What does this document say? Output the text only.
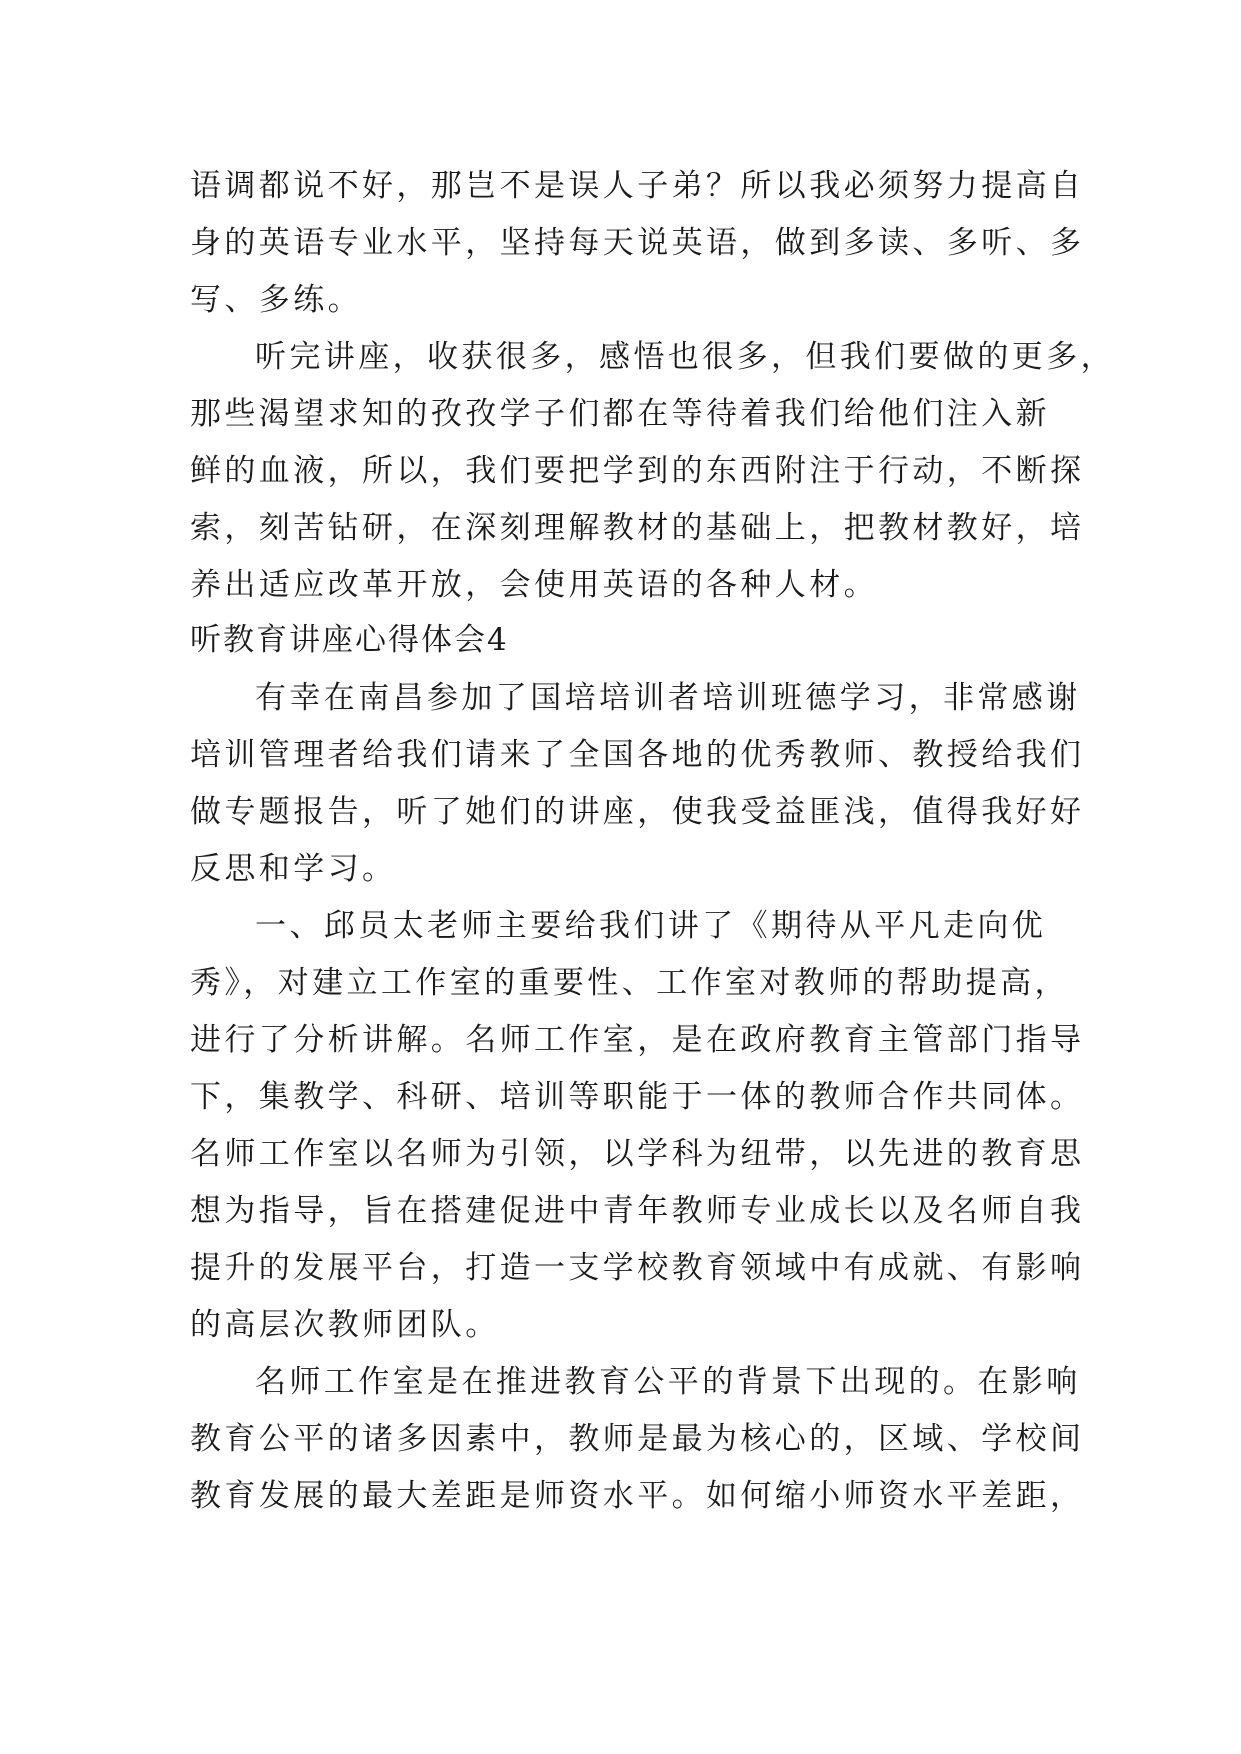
语调都说不好，那岂不是误人子弟？所以我必须努力提高自
身的英语专业水平，坚持每天说英语，做到多读、多听、多
写、多练。
听完讲座，收获很多，感悟也很多，但我们要做的更多，
那些渴望求知的孜孜学子们都在等待着我们给他们注入新
鲜的血液，所以，我们要把学到的东西附注于行动，不断探
索，刻苦钻研，在深刻理解教材的基础上，把教材教好，培
养出适应改革开放，会使用英语的各种人材。
听教育讲座心得体会4
有幸在南昌参加了国培培训者培训班德学习，非常感谢
培训管理者给我们请来了全国各地的优秀教师、教授给我们
做专题报告，听了她们的讲座，使我受益匪浅，值得我好好
反思和学习。
一、邱员太老师主要给我们讲了《期待从平凡走向优
秀》，对建立工作室的重要性、工作室对教师的帮助提高，
进行了分析讲解。名师工作室，是在政府教育主管部门指导
下，集教学、科研、培训等职能于一体的教师合作共同体。
名师工作室以名师为引领，以学科为纽带，以先进的教育思
想为指导，旨在搭建促进中青年教师专业成长以及名师自我
提升的发展平台，打造一支学校教育领域中有成就、有影响
的高层次教师团队。
名师工作室是在推进教育公平的背景下出现的。在影响
教育公平的诸多因素中，教师是最为核心的，区域、学校间
教育发展的最大差距是师资水平。如何缩小师资水平差距，
